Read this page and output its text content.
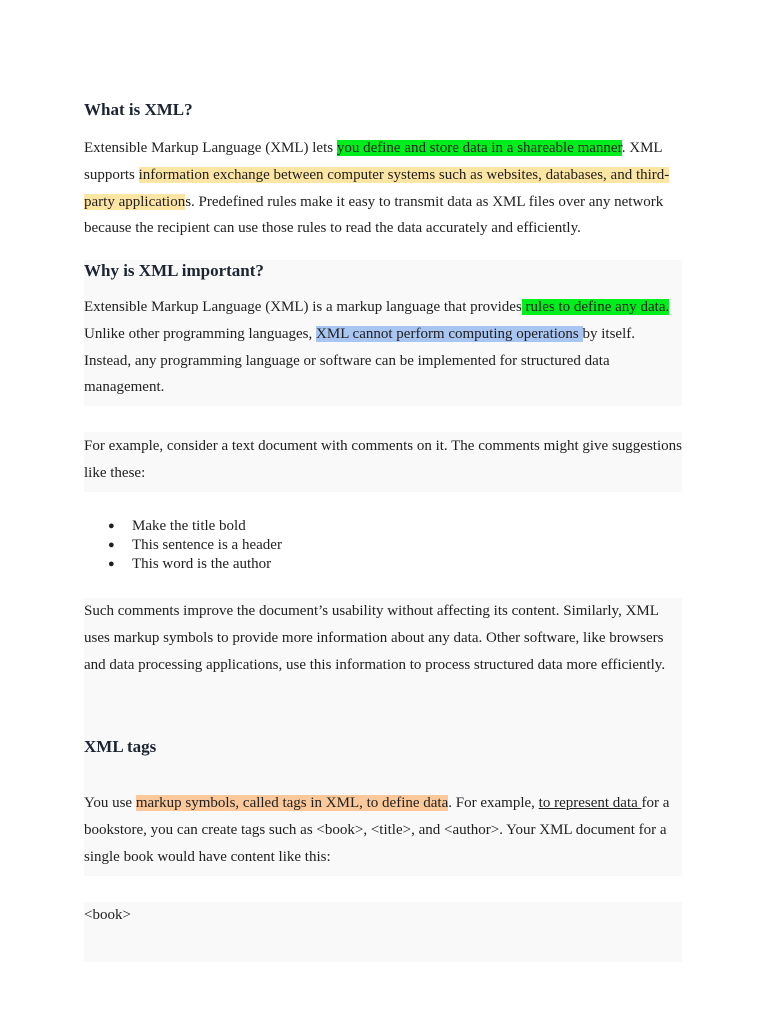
What is XML?

Extensible Markup Language (XML) lets you define and store data in a shareable manner. XML supports information exchange between computer systems such as websites, databases, and third-party applications. Predefined rules make it easy to transmit data as XML files over any network because the recipient can use those rules to read the data accurately and efficiently.

Why is XML important?

Extensible Markup Language (XML) is a markup language that provides rules to define any data. Unlike other programming languages, XML cannot perform computing operations by itself. Instead, any programming language or software can be implemented for structured data management.

For example, consider a text document with comments on it. The comments might give suggestions like these:

● Make the title bold
● This sentence is a header
● This word is the author

Such comments improve the document’s usability without affecting its content. Similarly, XML uses markup symbols to provide more information about any data. Other software, like browsers and data processing applications, use this information to process structured data more efficiently.

XML tags

You use markup symbols, called tags in XML, to define data. For example, to represent data for a bookstore, you can create tags such as <book>, <title>, and <author>. Your XML document for a single book would have content like this:

<book>
